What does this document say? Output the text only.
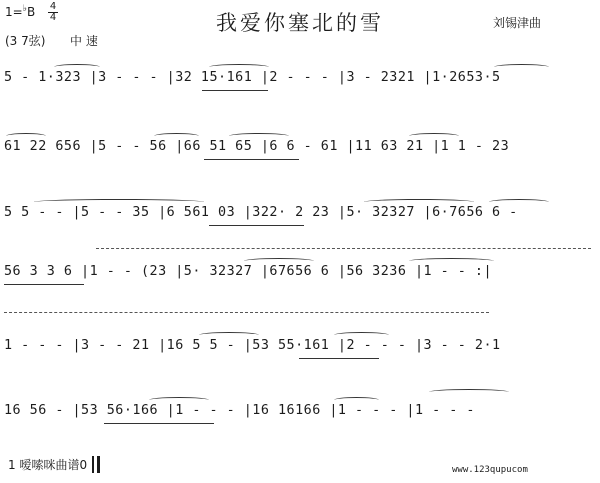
1=♭B 4
4
(3 7弦) 中 速
我爱你塞北的雪	刘锡津曲
5 - 1·323 |3 - - - |32 15·161 |2 - - - |3 - 2321 |1·2653·5
61 22 656 |5 - - 56 |66 51 65 |6 6 - 61 |11 63 21 |1 1 - 23
5 5 - - |5 - - 35 |6 561 03 |322· 2 23 |5· 32327 |6·7656 6 -
56 3 3 6 |1 - - (23 |5· 32327 |67656 6 |56 3236 |1 - - :|
1 - - - |3 - - 21 |16 5 5 - |53 55·161 |2 - - - |3 - - 2·1
16 56 - |53 56·166 |1 - - - |16 16166 |1 - - - |1 - - -
1 嗳嗦咪曲谱0	www.123qupucom
